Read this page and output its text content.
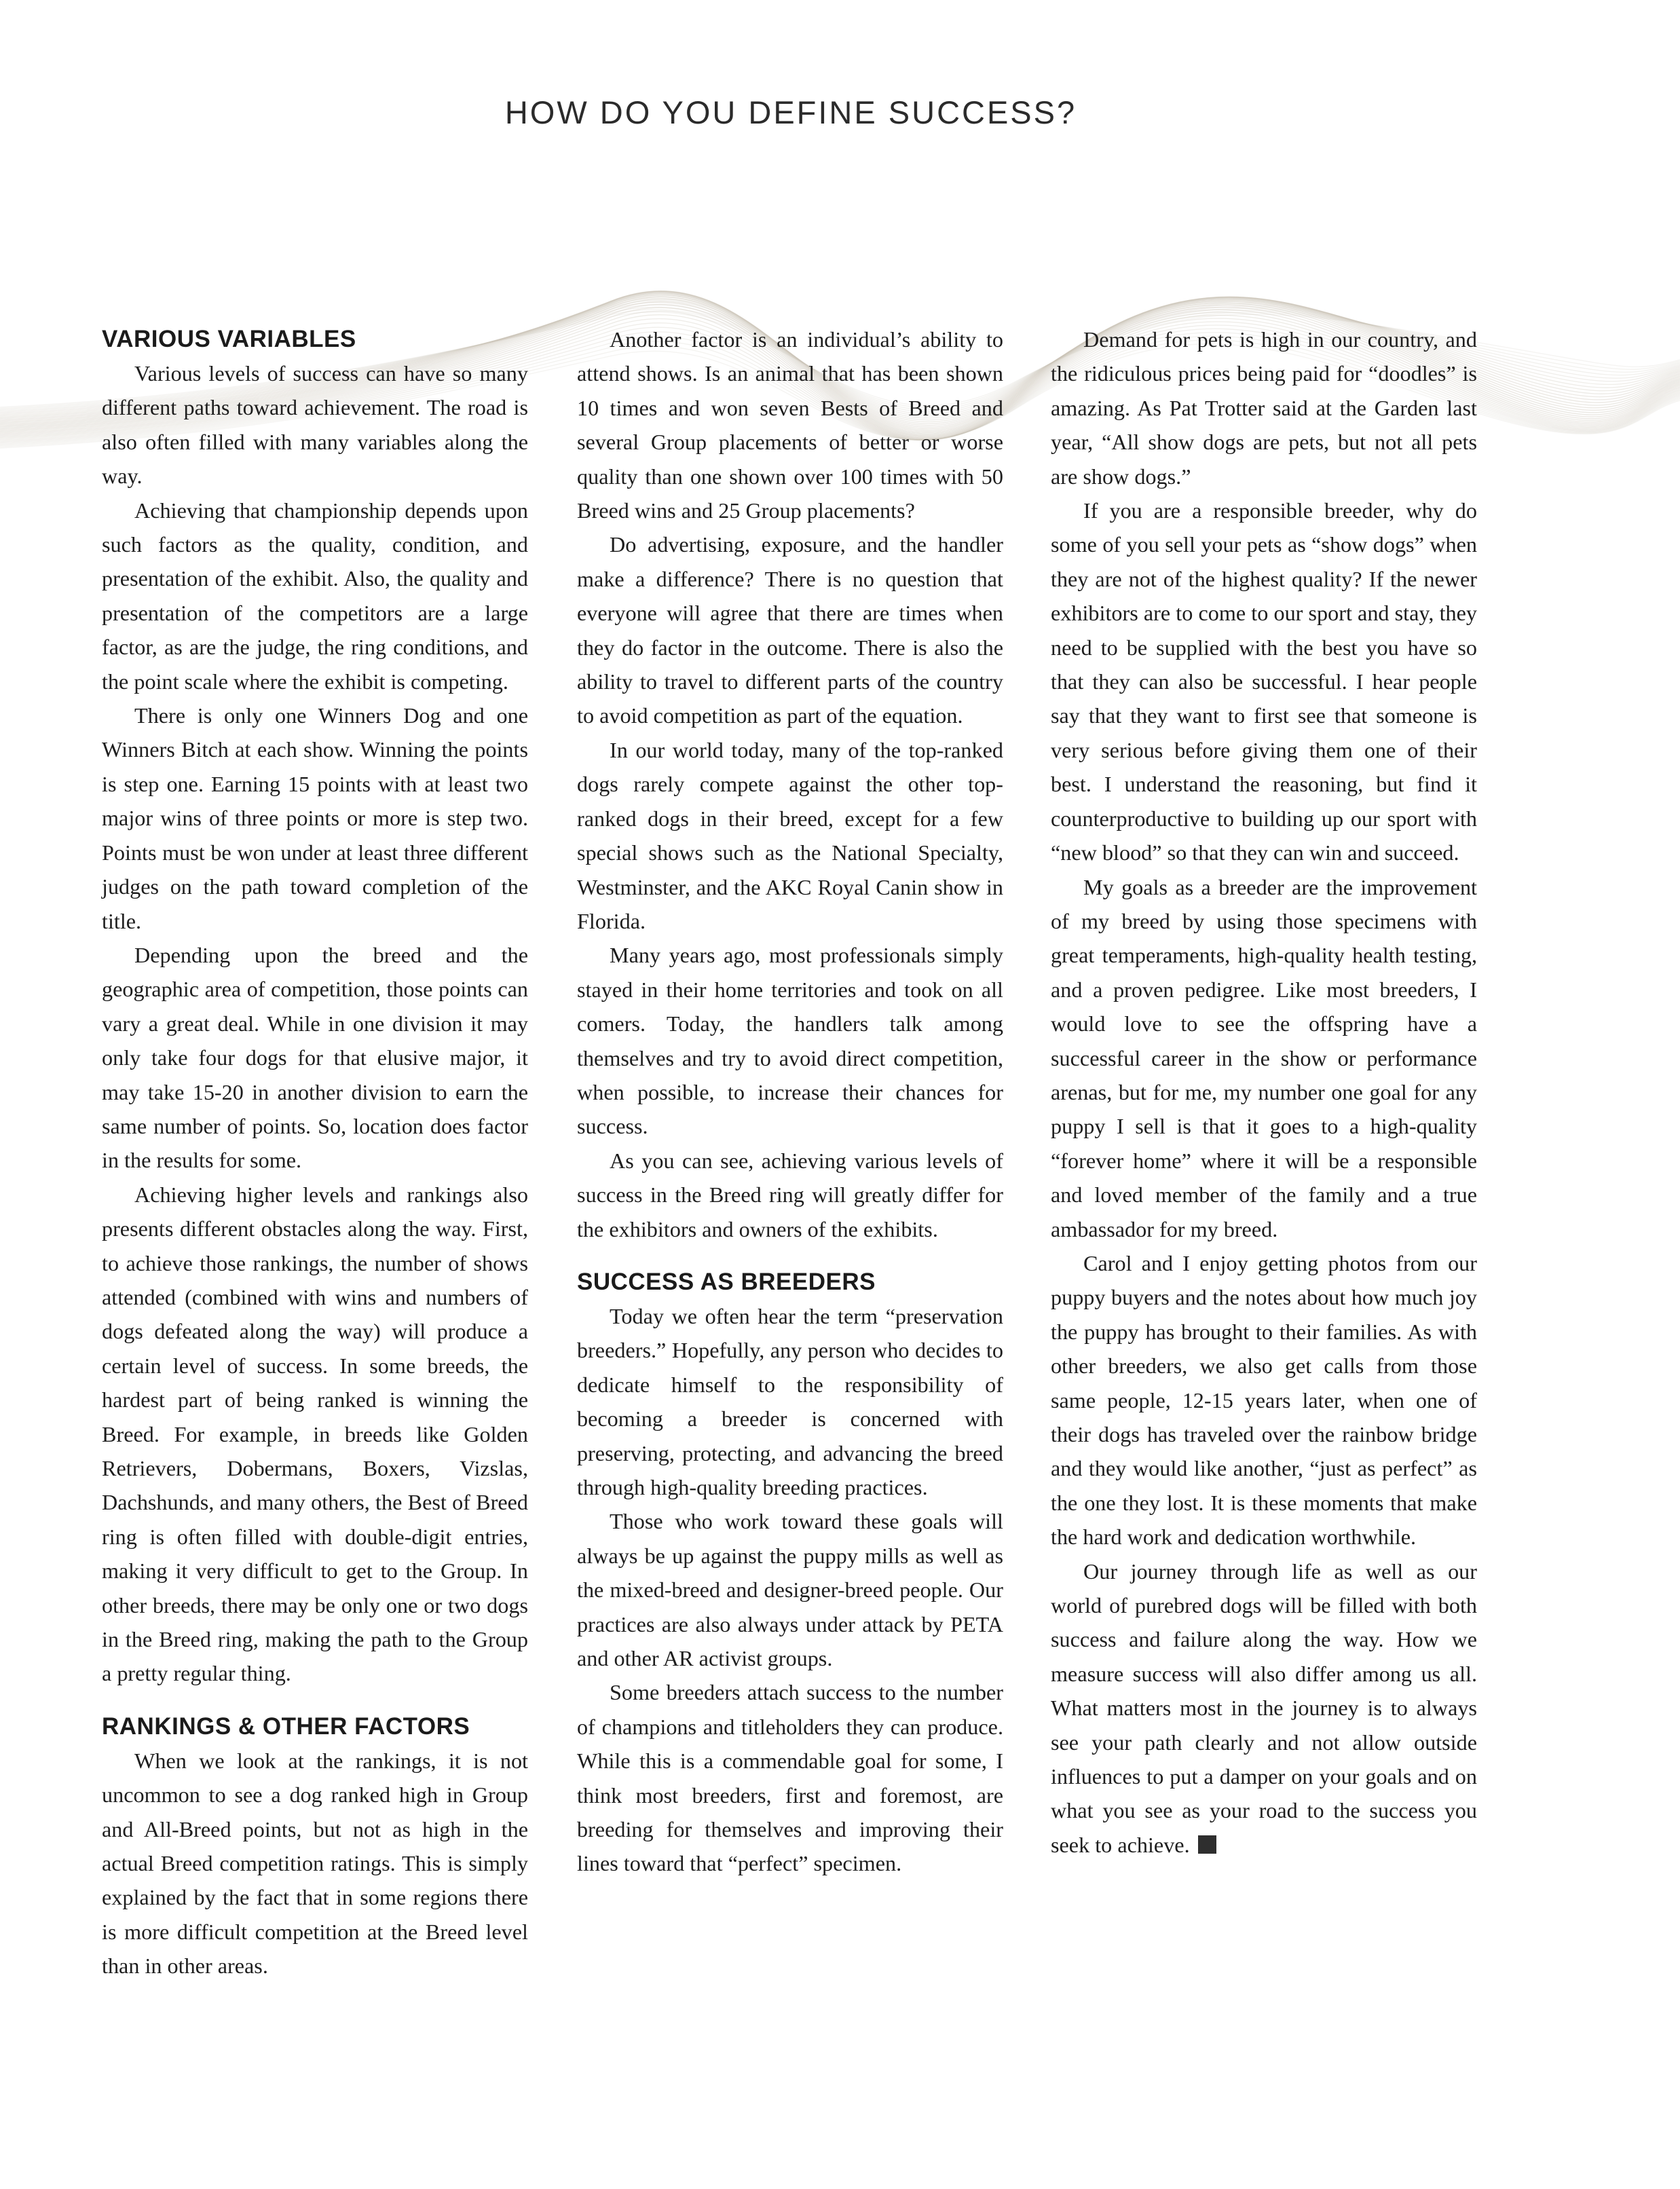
HOW DO YOU DEFINE SUCCESS?
VARIOUS VARIABLES

Various levels of success can have so many different paths toward achievement. The road is also often filled with many variables along the way.

Achieving that championship depends upon such factors as the quality, condition, and presentation of the exhibit. Also, the quality and presentation of the competitors are a large factor, as are the judge, the ring conditions, and the point scale where the exhibit is competing.

There is only one Winners Dog and one Winners Bitch at each show. Winning the points is step one. Earning 15 points with at least two major wins of three points or more is step two. Points must be won under at least three different judges on the path toward completion of the title.

Depending upon the breed and the geographic area of competition, those points can vary a great deal. While in one division it may only take four dogs for that elusive major, it may take 15-20 in another division to earn the same number of points. So, location does factor in the results for some.

Achieving higher levels and rankings also presents different obstacles along the way. First, to achieve those rankings, the number of shows attended (combined with wins and numbers of dogs defeated along the way) will produce a certain level of success. In some breeds, the hardest part of being ranked is winning the Breed. For example, in breeds like Golden Retrievers, Dobermans, Boxers, Vizslas, Dachshunds, and many others, the Best of Breed ring is often filled with double-digit entries, making it very difficult to get to the Group. In other breeds, there may be only one or two dogs in the Breed ring, making the path to the Group a pretty regular thing.

RANKINGS & OTHER FACTORS

When we look at the rankings, it is not uncommon to see a dog ranked high in Group and All-Breed points, but not as high in the actual Breed competition ratings. This is simply explained by the fact that in some regions there is more difficult competition at the Breed level than in other areas.

Another factor is an individual’s ability to attend shows. Is an animal that has been shown 10 times and won seven Bests of Breed and several Group placements of better or worse quality than one shown over 100 times with 50 Breed wins and 25 Group placements?

Do advertising, exposure, and the handler make a difference? There is no question that everyone will agree that there are times when they do factor in the outcome. There is also the ability to travel to different parts of the country to avoid competition as part of the equation.

In our world today, many of the top-ranked dogs rarely compete against the other top-ranked dogs in their breed, except for a few special shows such as the National Specialty, Westminster, and the AKC Royal Canin show in Florida.

Many years ago, most professionals simply stayed in their home territories and took on all comers. Today, the handlers talk among themselves and try to avoid direct competition, when possible, to increase their chances for success.

As you can see, achieving various levels of success in the Breed ring will greatly differ for the exhibitors and owners of the exhibits.

SUCCESS AS BREEDERS

Today we often hear the term “preservation breeders.” Hopefully, any person who decides to dedicate himself to the responsibility of becoming a breeder is concerned with preserving, protecting, and advancing the breed through high-quality breeding practices.

Those who work toward these goals will always be up against the puppy mills as well as the mixed-breed and designer-breed people. Our practices are also always under attack by PETA and other AR activist groups.

Some breeders attach success to the number of champions and titleholders they can produce. While this is a commendable goal for some, I think most breeders, first and foremost, are breeding for themselves and improving their lines toward that “perfect” specimen.

Demand for pets is high in our country, and the ridiculous prices being paid for “doodles” is amazing. As Pat Trotter said at the Garden last year, “All show dogs are pets, but not all pets are show dogs.”

If you are a responsible breeder, why do some of you sell your pets as “show dogs” when they are not of the highest quality? If the newer exhibitors are to come to our sport and stay, they need to be supplied with the best you have so that they can also be successful. I hear people say that they want to first see that someone is very serious before giving them one of their best. I understand the reasoning, but find it counterproductive to building up our sport with “new blood” so that they can win and succeed.

My goals as a breeder are the improvement of my breed by using those specimens with great temperaments, high-quality health testing, and a proven pedigree. Like most breeders, I would love to see the offspring have a successful career in the show or performance arenas, but for me, my number one goal for any puppy I sell is that it goes to a high-quality “forever home” where it will be a responsible and loved member of the family and a true ambassador for my breed.

Carol and I enjoy getting photos from our puppy buyers and the notes about how much joy the puppy has brought to their families. As with other breeders, we also get calls from those same people, 12-15 years later, when one of their dogs has traveled over the rainbow bridge and they would like another, “just as perfect” as the one they lost. It is these moments that make the hard work and dedication worthwhile.

Our journey through life as well as our world of purebred dogs will be filled with both success and failure along the way. How we measure success will also differ among us all. What matters most in the journey is to always see your path clearly and not allow outside influences to put a damper on your goals and on what you see as your road to the success you seek to achieve.
